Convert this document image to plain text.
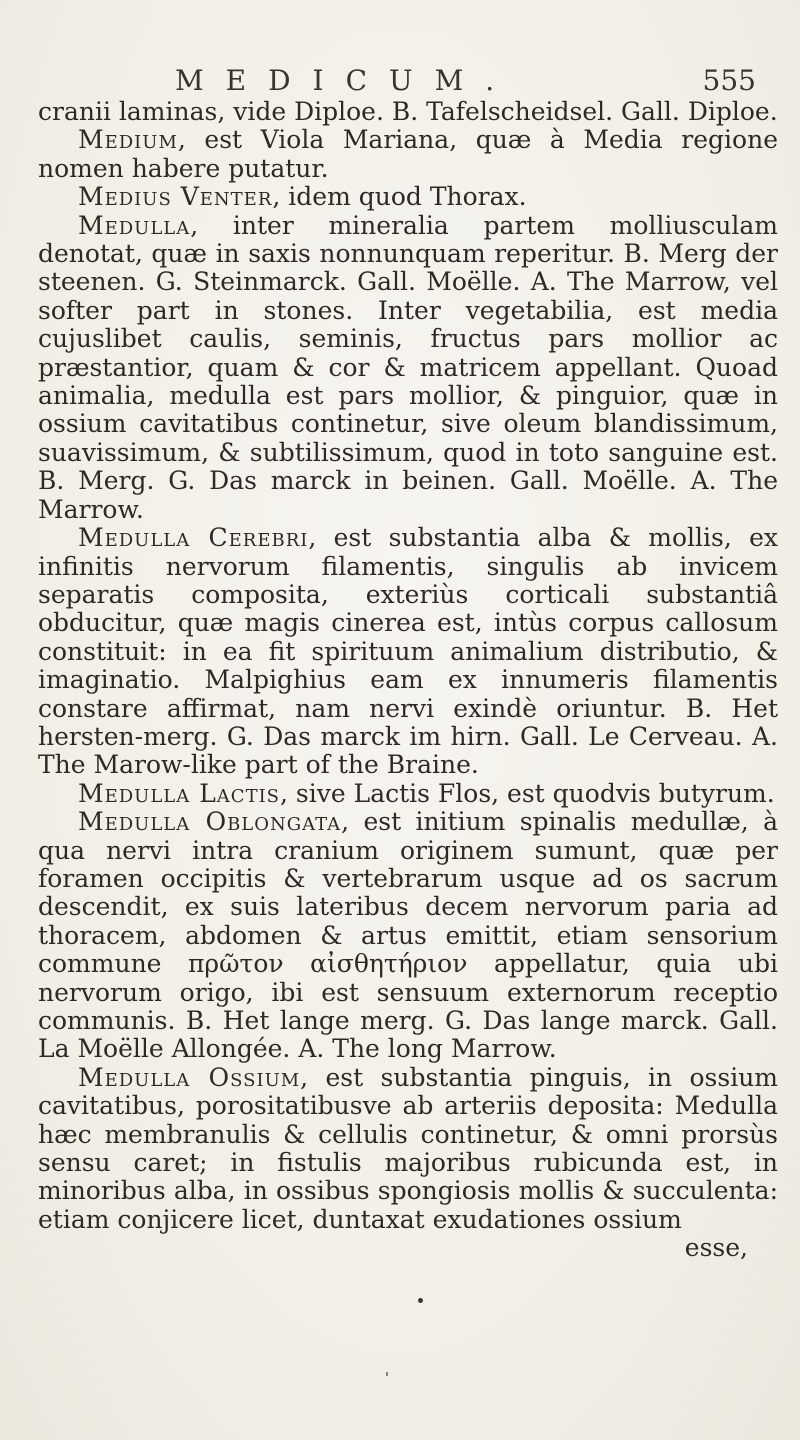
MEDICUM.	555

cranii laminas, vide Diploe. B. Tafelscheidsel. Gall. Diploe.

Medium, est Viola Mariana, quæ à Media regione nomen habere putatur.

Medius Venter, idem quod Thorax.

Medulla, inter mineralia partem molliusculam denotat, quæ in saxis nonnunquam reperitur. B. Merg der steenen. G. Steinmarck. Gall. Moëlle. A. The Marrow, vel softer part in stones. Inter vegetabilia, est media cujuslibet caulis, seminis, fructus pars mollior ac præstantior, quam & cor & matricem appellant. Quoad animalia, medulla est pars mollior, & pinguior, quæ in ossium cavitatibus continetur, sive oleum blandissimum, suavissimum, & subtilissimum, quod in toto sanguine est. B. Merg. G. Das marck in beinen. Gall. Moëlle. A. The Marrow.

Medulla Cerebri, est substantia alba & mollis, ex infinitis nervorum filamentis, singulis ab invicem separatis composita, exteriùs corticali substantiâ obducitur, quæ magis cinerea est, intùs corpus callosum constituit: in ea fit spirituum animalium distributio, & imaginatio. Malpighius eam ex innumeris filamentis constare affirmat, nam nervi exindè oriuntur. B. Het hersten-merg. G. Das marck im hirn. Gall. Le Cerveau. A. The Marow-like part of the Braine.

Medulla Lactis, sive Lactis Flos, est quodvis butyrum.

Medulla Oblongata, est initium spinalis medullæ, à qua nervi intra cranium originem sumunt, quæ per foramen occipitis & vertebrarum usque ad os sacrum descendit, ex suis lateribus decem nervorum paria ad thoracem, abdomen & artus emittit, etiam sensorium commune πρῶτον αἰσθητήριον appellatur, quia ubi nervorum origo, ibi est sensuum externorum receptio communis. B. Het lange merg. G. Das lange marck. Gall. La Moëlle Allongée. A. The long Marrow.

Medulla Ossium, est substantia pinguis, in ossium cavitatibus, porositatibusve ab arteriis deposita: Medulla hæc membranulis & cellulis continetur, & omni prorsùs sensu caret; in fistulis majoribus rubicunda est, in minoribus alba, in ossibus spongiosis mollis & succulenta: etiam conjicere licet, duntaxat exudationes ossium

esse,
